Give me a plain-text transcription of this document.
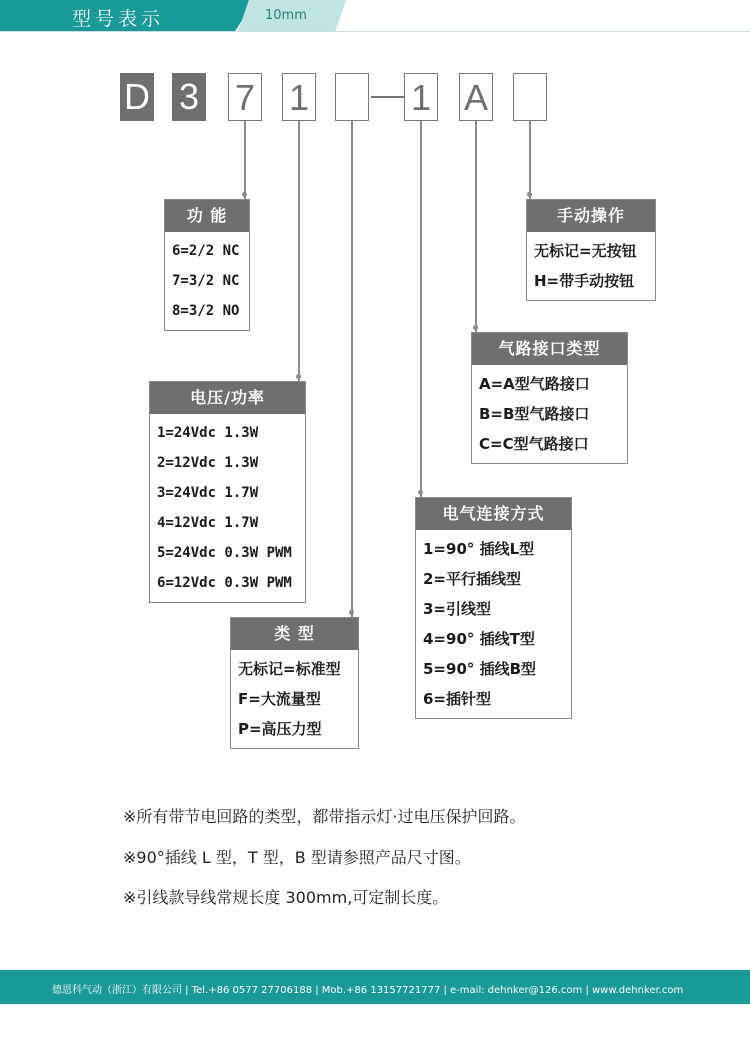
型号表示	10mm
D 3 7 1	1 A
功 能
6=2/2 NC
7=3/2 NC
8=3/2 NO
电压/功率
1=24Vdc 1.3W
2=12Vdc 1.3W
3=24Vdc 1.7W
4=12Vdc 1.7W
5=24Vdc 0.3W PWM
6=12Vdc 0.3W PWM
类 型
无标记=标准型
F=大流量型
P=高压力型
电气连接方式
1=90° 插线L型
2=平行插线型
3=引线型
4=90° 插线T型
5=90° 插线B型
6=插针型
气路接口类型
A=A型气路接口
B=B型气路接口
C=C型气路接口
手动操作
无标记=无按钮
H=带手动按钮
※所有带节电回路的类型，都带指示灯·过电压保护回路。
※90°插线 L 型，T 型，B 型请参照产品尺寸图。
※引线款导线常规长度 300mm,可定制长度。
德恩科气动（浙江）有限公司 | Tel.+86 0577 27706188 | Mob.+86 13157721777 | e-mail: dehnker@126.com | www.dehnker.com
